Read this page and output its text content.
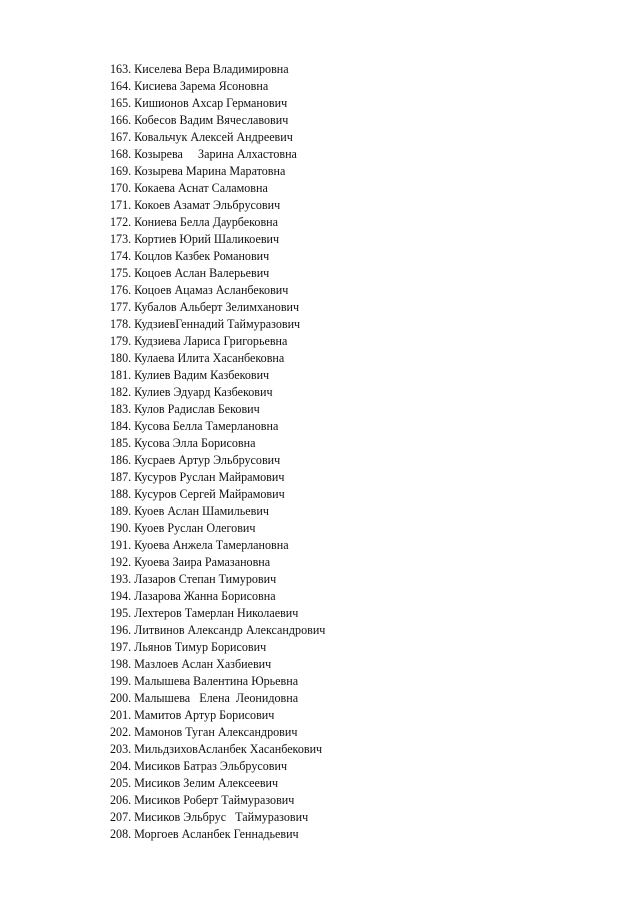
163. Киселева Вера Владимировна
164. Кисиева Зарема Ясоновна
165. Кишионов Ахсар Германович
166. Кобесов Вадим Вячеславович
167. Ковальчук Алексей Андреевич
168. Козырева     Зарина Алхастовна
169. Козырева Марина Маратовна
170. Кокаева Аснат Саламовна
171. Кокоев Азамат Эльбрусович
172. Кониева Белла Даурбековна
173. Кортиев Юрий Шаликоевич
174. Коцлов Казбек Романович
175. Коцоев Аслан Валерьевич
176. Коцоев Ацамаз Асланбекович
177. Кубалов Альберт Зелимханович
178. КудзиевГеннадий Таймуразович
179. Кудзиева Лариса Григорьевна
180. Кулаева Илита Хасанбековна
181. Кулиев Вадим Казбекович
182. Кулиев Эдуард Казбекович
183. Кулов Радислав Бекович
184. Кусова Белла Тамерлановна
185. Кусова Элла Борисовна
186. Кусраев Артур Эльбрусович
187. Кусуров Руслан Майрамович
188. Кусуров Сергей Майрамович
189. Куоев Аслан Шамильевич
190. Куоев Руслан Олегович
191. Куоева Анжела Тамерлановна
192. Куоева Заира Рамазановна
193. Лазаров Степан Тимурович
194. Лазарова Жанна Борисовна
195. Лехтеров Тамерлан Николаевич
196. Литвинов Александр Александрович
197. Льянов Тимур Борисович
198. Мазлоев Аслан Хазбиевич
199. Малышева Валентина Юрьевна
200. Малышева   Елена  Леонидовна
201. Мамитов Артур Борисович
202. Мамонов Туган Александрович
203. МильдзиховАсланбек Хасанбекович
204. Мисиков Батраз Эльбрусович
205. Мисиков Зелим Алексеевич
206. Мисиков Роберт Таймуразович
207. Мисиков Эльбрус   Таймуразович
208. Моргоев Асланбек Геннадьевич
